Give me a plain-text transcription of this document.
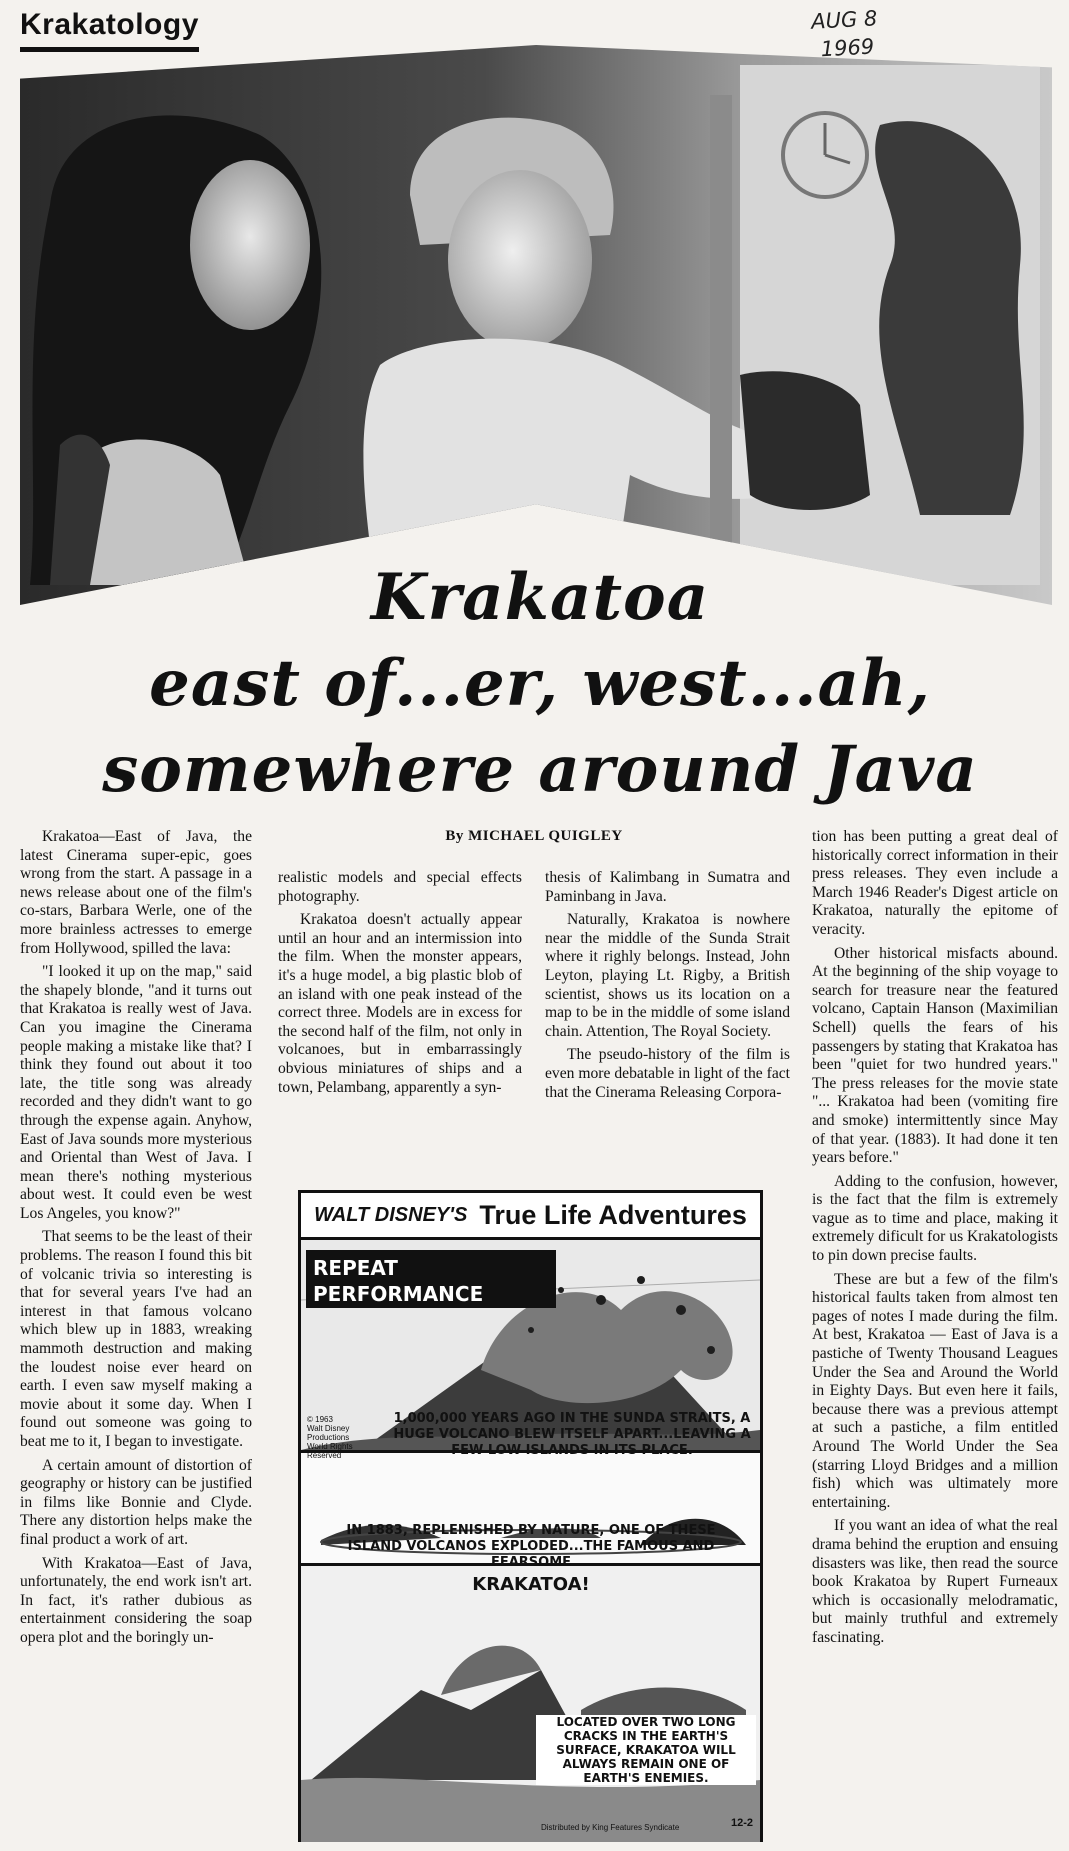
Krakatology	AUG 8
1969
Krakatoa
east of...er, west...ah,
somewhere around Java
By MICHAEL QUIGLEY

Krakatoa—East of Java, the latest Cinerama super-epic, goes wrong from the start. A passage in a news release about one of the film's co-stars, Barbara Werle, one of the more brainless actresses to emerge from Hollywood, spilled the lava:

"I looked it up on the map," said the shapely blonde, "and it turns out that Krakatoa is really west of Java. Can you imagine the Cinerama people making a mistake like that? I think they found out about it too late, the title song was already recorded and they didn't want to go through the expense again. Anyhow, East of Java sounds more mysterious and Oriental than West of Java. I mean there's nothing mysterious about west. It could even be west Los Angeles, you know?"

That seems to be the least of their problems. The reason I found this bit of volcanic trivia so interesting is that for several years I've had an interest in that famous volcano which blew up in 1883, wreaking mammoth destruction and making the loudest noise ever heard on earth. I even saw myself making a movie about it some day. When I found out someone was going to beat me to it, I began to investigate.

A certain amount of distortion of geography or history can be justified in films like Bonnie and Clyde. There any distortion helps make the final product a work of art.

With Krakatoa—East of Java, unfortunately, the end work isn't art. In fact, it's rather dubious as entertainment considering the soap opera plot and the boringly un-

realistic models and special effects photography.

Krakatoa doesn't actually appear until an hour and an intermission into the film. When the monster appears, it's a huge model, a big plastic blob of an island with one peak instead of the correct three. Models are in excess for the second half of the film, not only in volcanoes, but in embarrassingly obvious miniatures of ships and a town, Pelambang, apparently a syn-

thesis of Kalimbang in Sumatra and Paminbang in Java.

Naturally, Krakatoa is nowhere near the middle of the Sunda Strait where it righly belongs. Instead, John Leyton, playing Lt. Rigby, a British scientist, shows us its location on a map to be in the middle of some island chain. Attention, The Royal Society.

The pseudo-history of the film is even more debatable in light of the fact that the Cinerama Releasing Corpora-

tion has been putting a great deal of historically correct information in their press releases. They even include a March 1946 Reader's Digest article on Krakatoa, naturally the epitome of veracity.

Other historical misfacts abound. At the beginning of the ship voyage to search for treasure near the featured volcano, Captain Hanson (Maximilian Schell) quells the fears of his passengers by stating that Krakatoa has been "quiet for two hundred years." The press releases for the movie state "... Krakatoa had been (vomiting fire and smoke) intermittently since May of that year. (1883). It had done it ten years before."

Adding to the confusion, however, is the fact that the film is extremely vague as to time and place, making it extremely dificult for us Krakatologists to pin down precise faults.

These are but a few of the film's historical faults taken from almost ten pages of notes I made during the film. At best, Krakatoa — East of Java is a pastiche of Twenty Thousand Leagues Under the Sea and Around the World in Eighty Days. But even here it fails, because there was a previous attempt at such a pastiche, a film entitled Around The World Under the Sea (starring Lloyd Bridges and a million fish) which was ultimately more entertaining.

If you want an idea of what the real drama behind the eruption and ensuing disasters was like, then read the source book Krakatoa by Rupert Furneaux which is occasionally melodramatic, but mainly truthful and extremely fascinating.

WALT DISNEY'S True Life Adventures
REPEAT
PERFORMANCE
© 1963
Walt Disney Productions
World Rights Reserved
1,000,000 YEARS AGO IN THE SUNDA STRAITS, A HUGE VOLCANO BLEW ITSELF APART...LEAVING A FEW LOW ISLANDS IN ITS PLACE.
IN 1883, REPLENISHED BY NATURE, ONE OF THESE ISLAND VOLCANOS EXPLODED...THE FAMOUS AND FEARSOME
KRAKATOA!
LOCATED OVER TWO LONG CRACKS IN THE EARTH'S SURFACE, KRAKATOA WILL ALWAYS REMAIN ONE OF EARTH'S ENEMIES.
Distributed by King Features Syndicate	12-2
